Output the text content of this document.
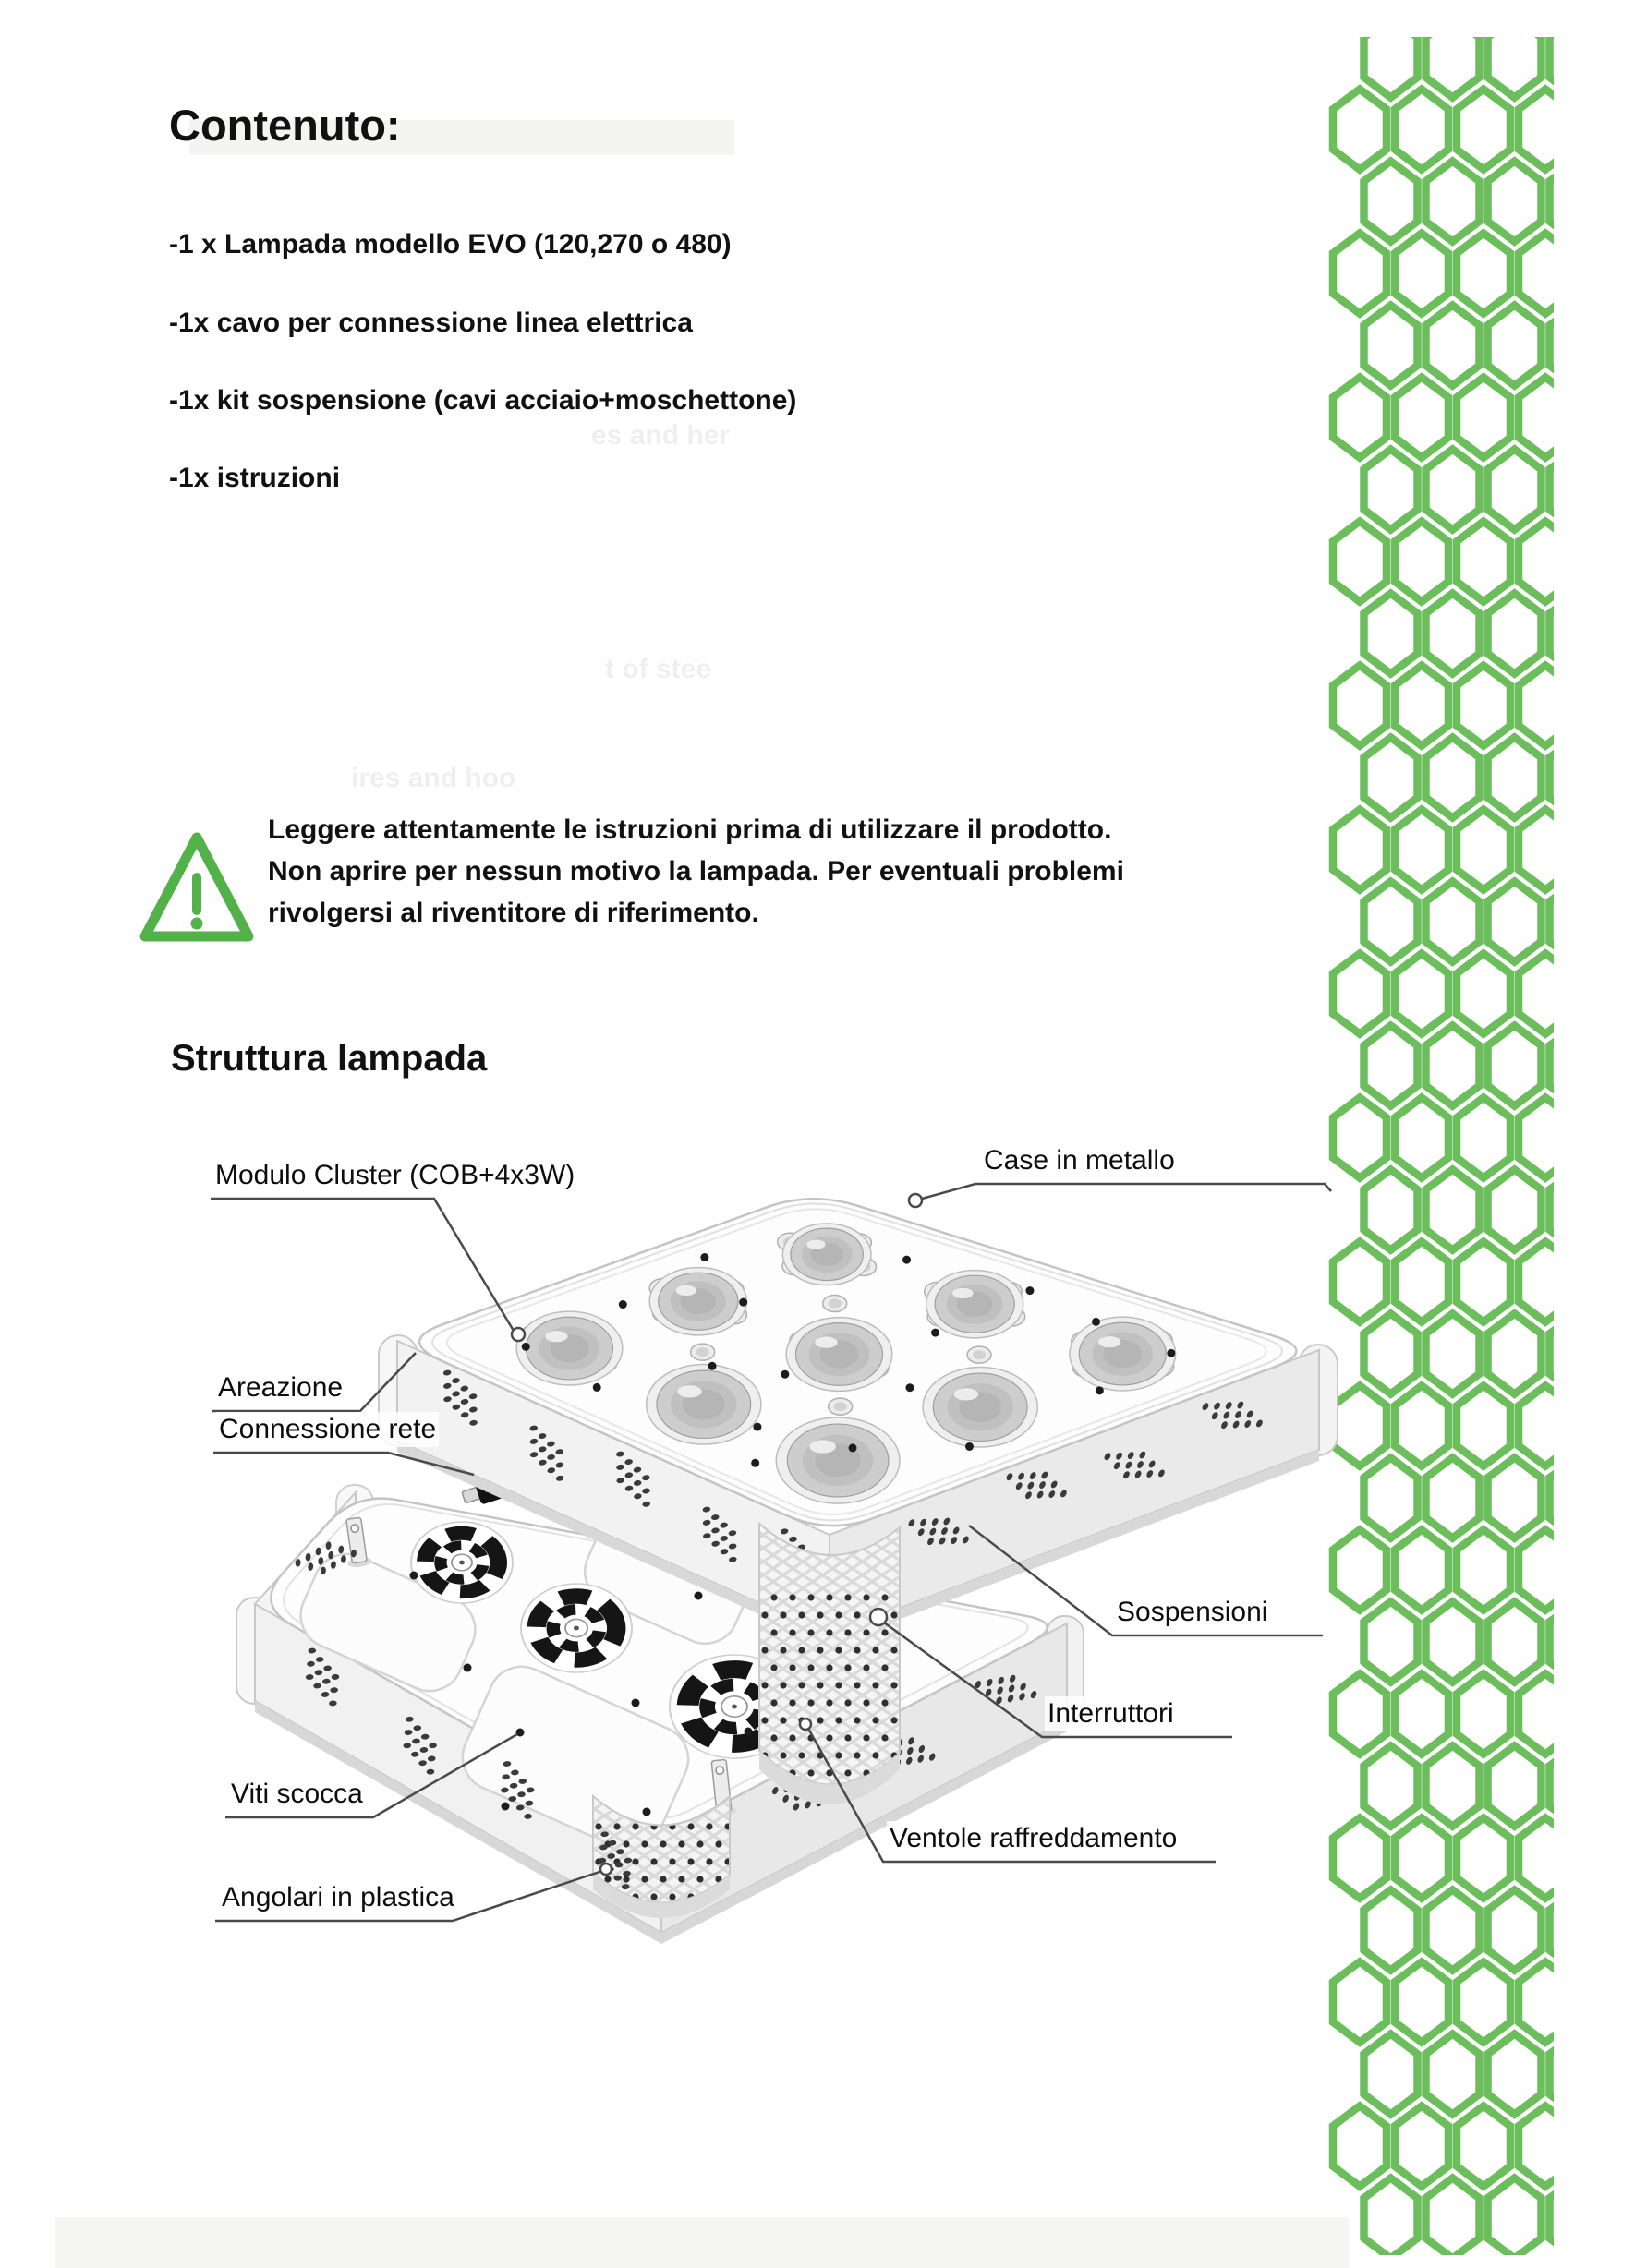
Contenuto:
-1 x Lampada modello EVO (120,270 o 480)
-1x cavo per connessione linea elettrica
-1x kit sospensione (cavi acciaio+moschettone)
-1x istruzioni
es and her
t of stee
ires and hoo
Leggere attentamente le istruzioni prima di utilizzare il prodotto.
Non aprire per nessun motivo la lampada. Per eventuali problemi
rivolgersi al riventitore di riferimento.
Struttura lampada
Modulo Cluster (COB+4x3W)	Case in metallo
Areazione
Connessione rete
Sospensioni
Interruttori
Ventole raffreddamento
Viti scocca
Angolari in plastica
